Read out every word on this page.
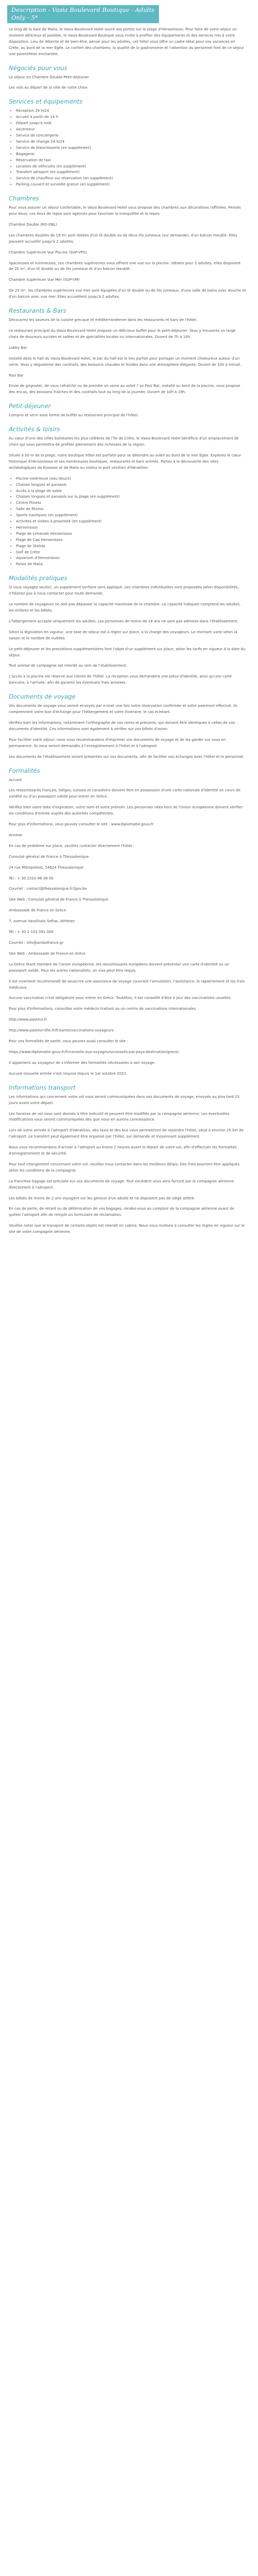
Description - Vasia Boulevard Boutique - Adults Only - 5*

Le long de la baie de Malia, le Vasia Boulevard Hotel ouvre ses portes sur la plage d'Hersonissos. Pour faire de votre séjour un moment délicieux et paisible, le Vasia Boulevard Boutique vous invite à profiter des équipements et des services mis à votre disposition. Lieu de détente et de bien-être, pensé pour les adultes, cet hôtel vous offre un cadre idéal pour vos vacances en Crète, au bord de la mer Égée. Le confort des chambres, la qualité de la gastronomie et l'attention du personnel font de ce séjour une parenthèse enchantée.

Négociés pour vous

Le séjour en Chambre Double Petit-déjeuner

Les vols au départ de la ville de votre choix

Services et équipements
• Réception 24 h/24
• Accueil à partir de 14 h
• Départ jusqu'à midi
• Ascenseur
• Service de conciergerie
• Service de change 24 h/24
• Service de blanchisserie (en supplément)
• Bagagerie
• Réservation de taxi
• Location de véhicules (en supplément)
• Transfert aéroport (en supplément)
• Service de chauffeur sur réservation (en supplément)
• Parking couvert et surveillé gratuit (en supplément)
Chambres

Pour vous assurer un séjour confortable, le Vasia Boulevard Hotel vous propose des chambres aux décorations raffinées. Pensés pour deux, ces lieux de repos sont agencés pour favoriser la tranquillité et le repos.

Chambre Double (RO-DBL)

Les chambres doubles de 18 m² sont dotées d'un lit double ou de deux lits jumeaux (sur demande), d'un balcon meublé. Elles peuvent accueillir jusqu'à 2 adultes.

Chambre Supérieure Vue Piscine (SUP-VPS)

Spacieuses et lumineuses, ces chambres supérieures vous offrent une vue sur la piscine. Idéales pour 2 adultes, elles disposent de 25 m², d'un lit double ou de lits jumeaux et d'un balcon meublé.

Chambre Supérieure Vue Mer (SUP-VM)

De 25 m², les chambres supérieures vue mer sont équipées d'un lit double ou de lits jumeaux, d'une salle de bains avec douche et d'un balcon avec vue mer. Elles accueillent jusqu'à 2 adultes.

Restaurants & Bars

Découvrez les saveurs de la cuisine grecque et méditerranéenne dans les restaurants et bars de l'hôtel.

Le restaurant principal du Vasia Boulevard Hotel propose un délicieux buffet pour le petit-déjeuner. Vous y trouverez un large choix de douceurs sucrées et salées et de spécialités locales ou internationales. Ouvert de 7h à 10h.

Lobby Bar

Installé dans le hall du Vasia Boulevard Hotel, le bar du hall est le lieu parfait pour partager un moment chaleureux autour d'un verre. Vous y dégusterez des cocktails, des boissons chaudes et froides dans une atmosphère élégante. Ouvert de 10h à minuit.

Pool Bar

Envie de grignoter, de vous rafraîchir ou de prendre un verre au soleil ? Le Pool Bar, installé au bord de la piscine, vous propose des encas, des boissons fraîches et des cocktails tout au long de la journée. Ouvert de 10h à 19h.

Petit-déjeuner

Compris et servi sous forme de buffet au restaurant principal de l'hôtel.

Activités & loisirs

Au cœur d'une des villes balnéaires les plus célèbres de l'île de Crète, le Vasia Boulevard Hotel bénéficie d'un emplacement de choix qui vous permettra de profiter pleinement des richesses de la région.

Située à 50 m de la plage, notre boutique hôtel est parfaite pour se détendre au soleil au bord de la mer Égée. Explorez le cœur historique d'Hersonissos et ses nombreuses boutiques, restaurants et bars animés. Partez à la découverte des sites archéologiques de Knossos et de Malia ou visitez le port vénitien d'Héraklion.

• Piscine extérieure (eau douce)
• Chaises longues et parasols
• Accès à la plage de sable
• Chaises longues et parasols sur la plage (en supplément)
• Centre fitness
• Salle de fitness
• Sports nautiques (en supplément)
• Activités et visites à proximité (en supplément)
• Hersonissos
• Plage de Limanaki Hersonissos
• Plage de Cap Hersonissos
• Plage de Stalida
• Golf de Crète
• Aquarium d'Hersonissos
• Palais de Malia
Modalités pratiques

Si vous voyagez seul(e), un supplément tarifaire sera appliqué. Les chambres individuelles sont proposées selon disponibilités, n'hésitez pas à nous contacter pour toute demande.

Le nombre de voyageurs ne doit pas dépasser la capacité maximale de la chambre. La capacité indiquée comprend les adultes, les enfants et les bébés.

L'hébergement accepte uniquement les adultes. Les personnes de moins de 18 ans ne sont pas admises dans l'établissement.

Selon la législation en vigueur, une taxe de séjour est à régler sur place, à la charge des voyageurs. Le montant varie selon la saison et le nombre de nuitées.

Le petit-déjeuner et les prestations supplémentaires font l'objet d'un supplément sur place, selon les tarifs en vigueur à la date du séjour.

Tout animal de compagnie est interdit au sein de l'établissement.

L'accès à la piscine est réservé aux clients de l'hôtel. La réception vous demandera une pièce d'identité, ainsi qu'une carte bancaire, à l'arrivée, afin de garantir les éventuels frais annexes.

Documents de voyage

Vos documents de voyage vous seront envoyés par e-mail une fois votre réservation confirmée et votre paiement effectué. Ils comprennent votre bon d'échange pour l'hébergement et votre itinéraire, le cas échéant.

Vérifiez bien les informations, notamment l'orthographe de vos noms et prénoms, qui doivent être identiques à celles de vos documents d'identité. Ces informations sont également à vérifier sur vos billets d'avion.

Pour faciliter votre séjour, nous vous recommandons d'imprimer vos documents de voyage et de les garder sur vous en permanence. Ils vous seront demandés à l'enregistrement à l'hôtel et à l'aéroport.

Les documents de l'établissement seront présentés sur vos documents, afin de faciliter vos échanges avec l'hôtel et le personnel.

Formalités

Accueil

Les ressortissants français, belges, suisses et canadiens doivent être en possession d'une carte nationale d'identité en cours de validité ou d'un passeport valide pour entrer en Grèce.

Vérifiez bien votre date d'expiration, votre nom et votre prénom. Les personnes nées hors de l'Union européenne doivent vérifier les conditions d'entrée auprès des autorités compétentes.

Pour plus d'informations, vous pouvez consulter le site : www.diplomatie.gouv.fr

Annexe

En cas de problème sur place, veuillez contacter directement l'hôtel :

Consulat général de France à Thessalonique

24 rue Mitropoleos, 54624 Thessalonique

Tél : + 30 2310 96 36 00

Courriel : contact@thessalonique.fr.fgov.be

Site Web : Consulat général de France à Thessalonique

Ambassade de France en Grèce

7, avenue Vassilissis Sofias, Athènes

Tél : + 30 2 103 391 000

Courriel : info@ambafrance.gr

Site Web : Ambassade de France en Grèce

La Grèce étant membre de l'Union européenne, les ressortissants européens doivent présenter une carte d'identité ou un passeport valide. Pour les autres nationalités, un visa peut être requis.

Il est vivement recommandé de souscrire une assurance de voyage couvrant l'annulation, l'assistance, le rapatriement et les frais médicaux.

Aucune vaccination n'est obligatoire pour entrer en Grèce. Toutefois, il est conseillé d'être à jour des vaccinations usuelles.

Pour plus d'informations, consultez votre médecin traitant ou un centre de vaccinations internationales.

http://www.pasteur.fr

http://www.pasteur-lille.fr/fr/sante/vaccinations-voyageurs

Pour vos formalités de santé, vous pouvez aussi consulter le site :

https://www.diplomatie.gouv.fr/fr/conseils-aux-voyageurs/conseils-par-pays-destination/grece/

Il appartient au voyageur de s'informer des formalités nécessaires à son voyage.

Aucune nouvelle entrée n'est requise depuis le 1er octobre 2022.

Informations transport

Les informations qui concernent votre vol vous seront communiquées dans vos documents de voyage, envoyés au plus tard 15 jours avant votre départ.

Les horaires de vol vous sont donnés à titre indicatif et peuvent être modifiés par la compagnie aérienne. Les éventuelles modifications vous seront communiquées dès que nous en aurons connaissance.

Lors de votre arrivée à l'aéroport d'Héraklion, des taxis et des bus vous permettront de rejoindre l'hôtel, situé à environ 25 km de l'aéroport. Le transfert peut également être organisé par l'hôtel, sur demande et moyennant supplément.

Nous vous recommandons d'arriver à l'aéroport au moins 2 heures avant le départ de votre vol, afin d'effectuer les formalités d'enregistrement et de sécurité.

Pour tout changement concernant votre vol, veuillez nous contacter dans les meilleurs délais. Des frais pourront être appliqués selon les conditions de la compagnie.

La franchise bagage est précisée sur vos documents de voyage. Tout excédent vous sera facturé par la compagnie aérienne directement à l'aéroport.

Les bébés de moins de 2 ans voyagent sur les genoux d'un adulte et ne disposent pas de siège attitré.

En cas de perte, de retard ou de détérioration de vos bagages, rendez-vous au comptoir de la compagnie aérienne avant de quitter l'aéroport afin de remplir un formulaire de réclamation.

Veuillez noter que le transport de certains objets est interdit en cabine. Nous vous invitons à consulter les règles en vigueur sur le site de votre compagnie aérienne.
